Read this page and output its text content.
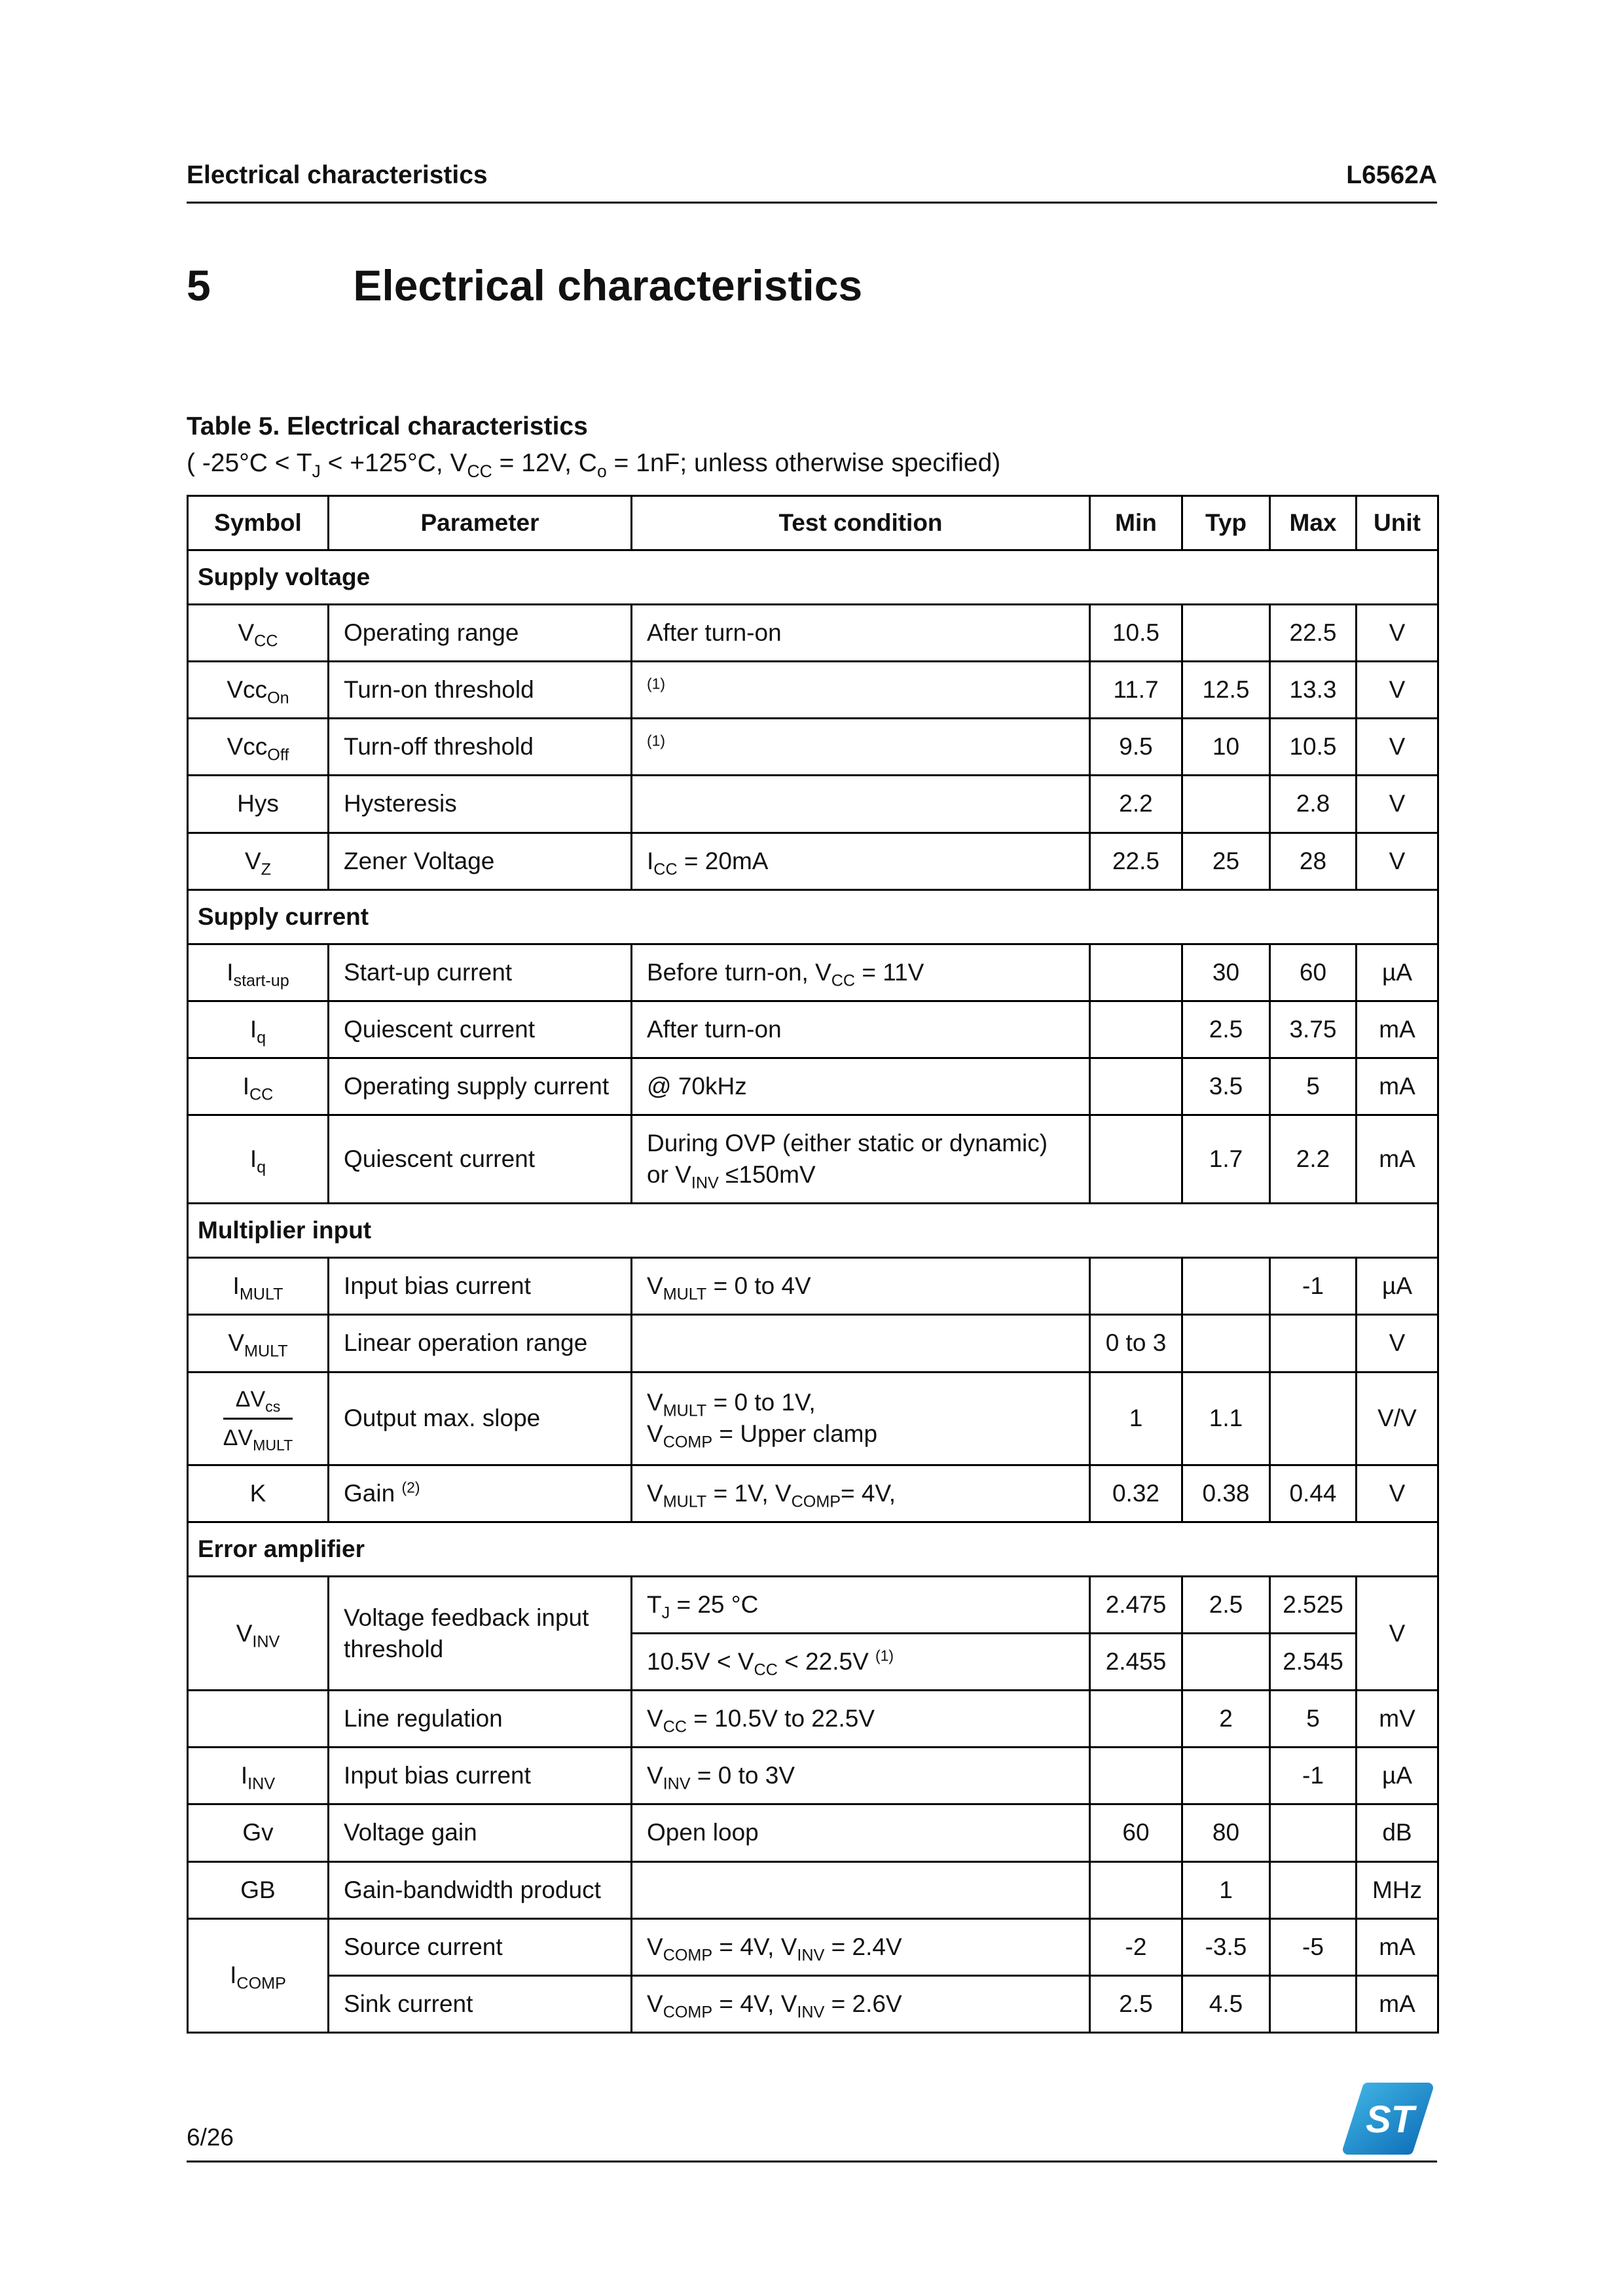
Electrical characteristics	L6562A
5	Electrical characteristics
Table 5. Electrical characteristics
( $-25^\circ C < T_J < +125^\circ C$, $V_{CC} = 12V$, $C_o = 1nF$; unless otherwise specified)
Symbol	Parameter	Test condition	Min	Typ	Max	Unit
Supply voltage						
$V_{CC}$	Operating range	After turn-on	10.5		22.5	V
Vcc$_{On}$	Turn-on threshold	$^{(1)}$	11.7	12.5	13.3	V
Vcc$_{Off}$	Turn-off threshold	$^{(1)}$	9.5	10	10.5	V
Hys	Hysteresis		2.2		2.8	V
$V_Z$	Zener Voltage	$I_{CC} = 20mA$	22.5	25	28	V
Supply current						
$I_{start-up}$	Start-up current	Before turn-on, $V_{CC} = 11V$		30	60	µA
$I_q$	Quiescent current	After turn-on		2.5	3.75	mA
$I_{CC}$	Operating supply current	@ 70kHz		3.5	5	mA
$I_q$	Quiescent current	During OVP (either static or dynamic)
or $V_{INV} \le 150mV$		1.7	2.2	mA
Multiplier input						
$I_{MULT}$	Input bias current	$V_{MULT} = 0$ to 4V			-1	µA
$V_{MULT}$	Linear operation range		0 to 3			V

$\frac{\Delta V_{cs}}{\Delta V_{MULT}}$	Output max. slope	$V_{MULT} = 0$ to 1V,
$V_{COMP}$ = Upper clamp	1	1.1		V/V
K	Gain $^{(2)}$	$V_{MULT} = 1V$, $V_{COMP}= 4V$,	0.32	0.38	0.44	V
Error amplifier						
$V_{INV}$	Voltage feedback input threshold	$T_J = 25$ °C	2.475	2.5	2.525	V
		$10.5V < V_{CC} < 22.5V$ $^{(1)}$	2.455		2.545	
	Line regulation	$V_{CC} = 10.5V$ to 22.5V		2	5	mV
$I_{INV}$	Input bias current	$V_{INV} = 0$ to 3V			-1	µA
Gv	Voltage gain	Open loop	60	80		dB
GB	Gain-bandwidth product			1		MHz
$I_{COMP}$	Source current	$V_{COMP} = 4V$, $V_{INV} = 2.4V$	-2	-3.5	-5	mA
	Sink current	$V_{COMP} = 4V$, $V_{INV} = 2.6V$	2.5	4.5		mA
6/26	ST
